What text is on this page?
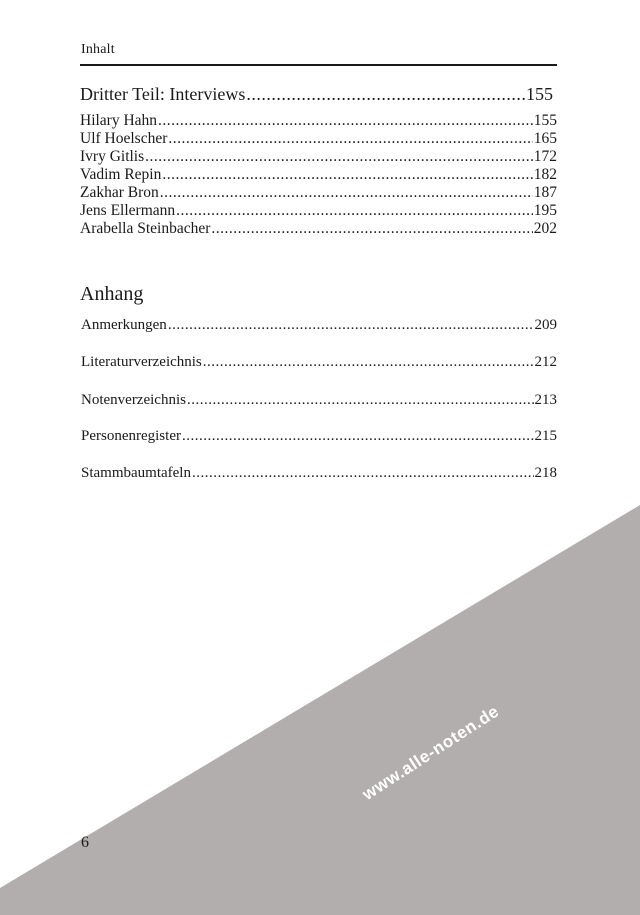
Inhalt
Dritter Teil: Interviews .....	155
Hilary Hahn .....	155
Ulf Hoelscher .....	165
Ivry Gitlis .....	172
Vadim Repin .....	182
Zakhar Bron .....	187
Jens Ellermann .....	195
Arabella Steinbacher .....	202
Anhang
Anmerkungen .....	209
Literaturverzeichnis .....	212
Notenverzeichnis .....	213
Personenregister .....	215
Stammbaumtafeln .....	218
www.alle-noten.de
6
